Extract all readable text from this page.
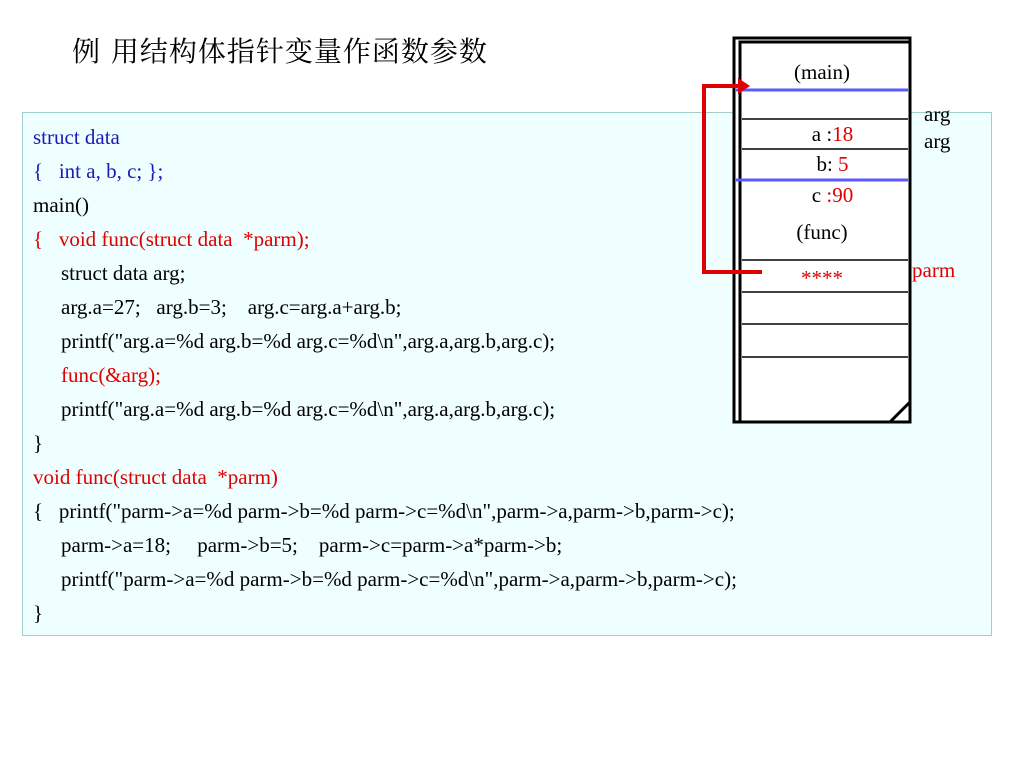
例 用结构体指针变量作函数参数
struct data
{   int a, b, c; };
main()
{   void func(struct data  *parm);
struct data arg;
arg.a=27;   arg.b=3;    arg.c=arg.a+arg.b;
printf("arg.a=%d arg.b=%d arg.c=%d\n",arg.a,arg.b,arg.c);
func(&arg);
printf("arg.a=%d arg.b=%d arg.c=%d\n",arg.a,arg.b,arg.c);
}
void func(struct data  *parm)
{   printf("parm->a=%d parm->b=%d parm->c=%d\n",parm->a,parm->b,parm->c);
parm->a=18;     parm->b=5;    parm->c=parm->a*parm->b;
printf("parm->a=%d parm->b=%d parm->c=%d\n",parm->a,parm->b,parm->c);
}
(main)

a :18

b: 5

c :90

(func)
****
arg
arg
parm
